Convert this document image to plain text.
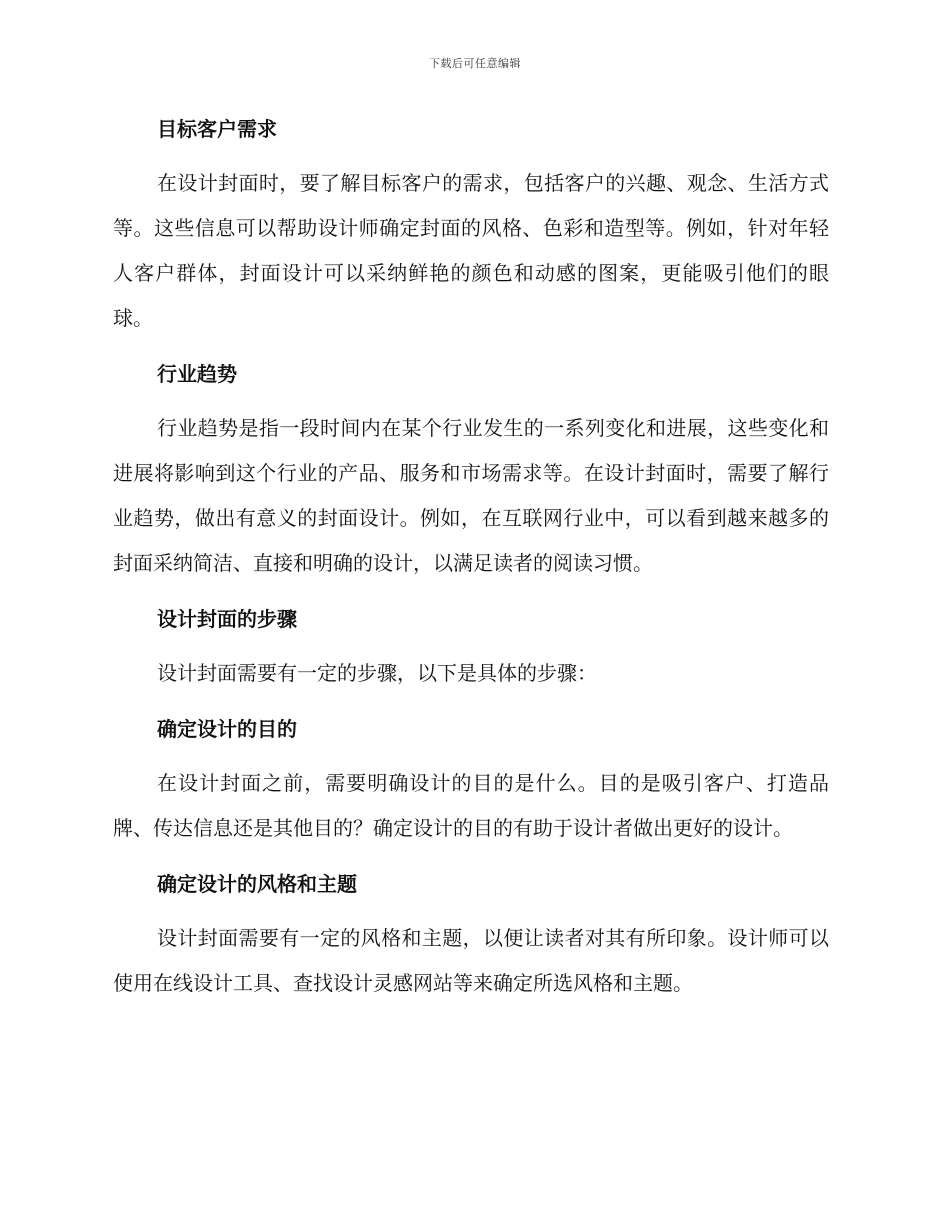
下载后可任意编辑
目标客户需求

在设计封面时，要了解目标客户的需求，包括客户的兴趣、观念、生活方式等。这些信息可以帮助设计师确定封面的风格、色彩和造型等。例如，针对年轻人客户群体，封面设计可以采纳鲜艳的颜色和动感的图案，更能吸引他们的眼球。

行业趋势

行业趋势是指一段时间内在某个行业发生的一系列变化和进展，这些变化和进展将影响到这个行业的产品、服务和市场需求等。在设计封面时，需要了解行业趋势，做出有意义的封面设计。例如，在互联网行业中，可以看到越来越多的封面采纳简洁、直接和明确的设计，以满足读者的阅读习惯。

设计封面的步骤

设计封面需要有一定的步骤，以下是具体的步骤：

确定设计的目的

在设计封面之前，需要明确设计的目的是什么。目的是吸引客户、打造品牌、传达信息还是其他目的？确定设计的目的有助于设计者做出更好的设计。

确定设计的风格和主题

设计封面需要有一定的风格和主题，以便让读者对其有所印象。设计师可以使用在线设计工具、查找设计灵感网站等来确定所选风格和主题。
